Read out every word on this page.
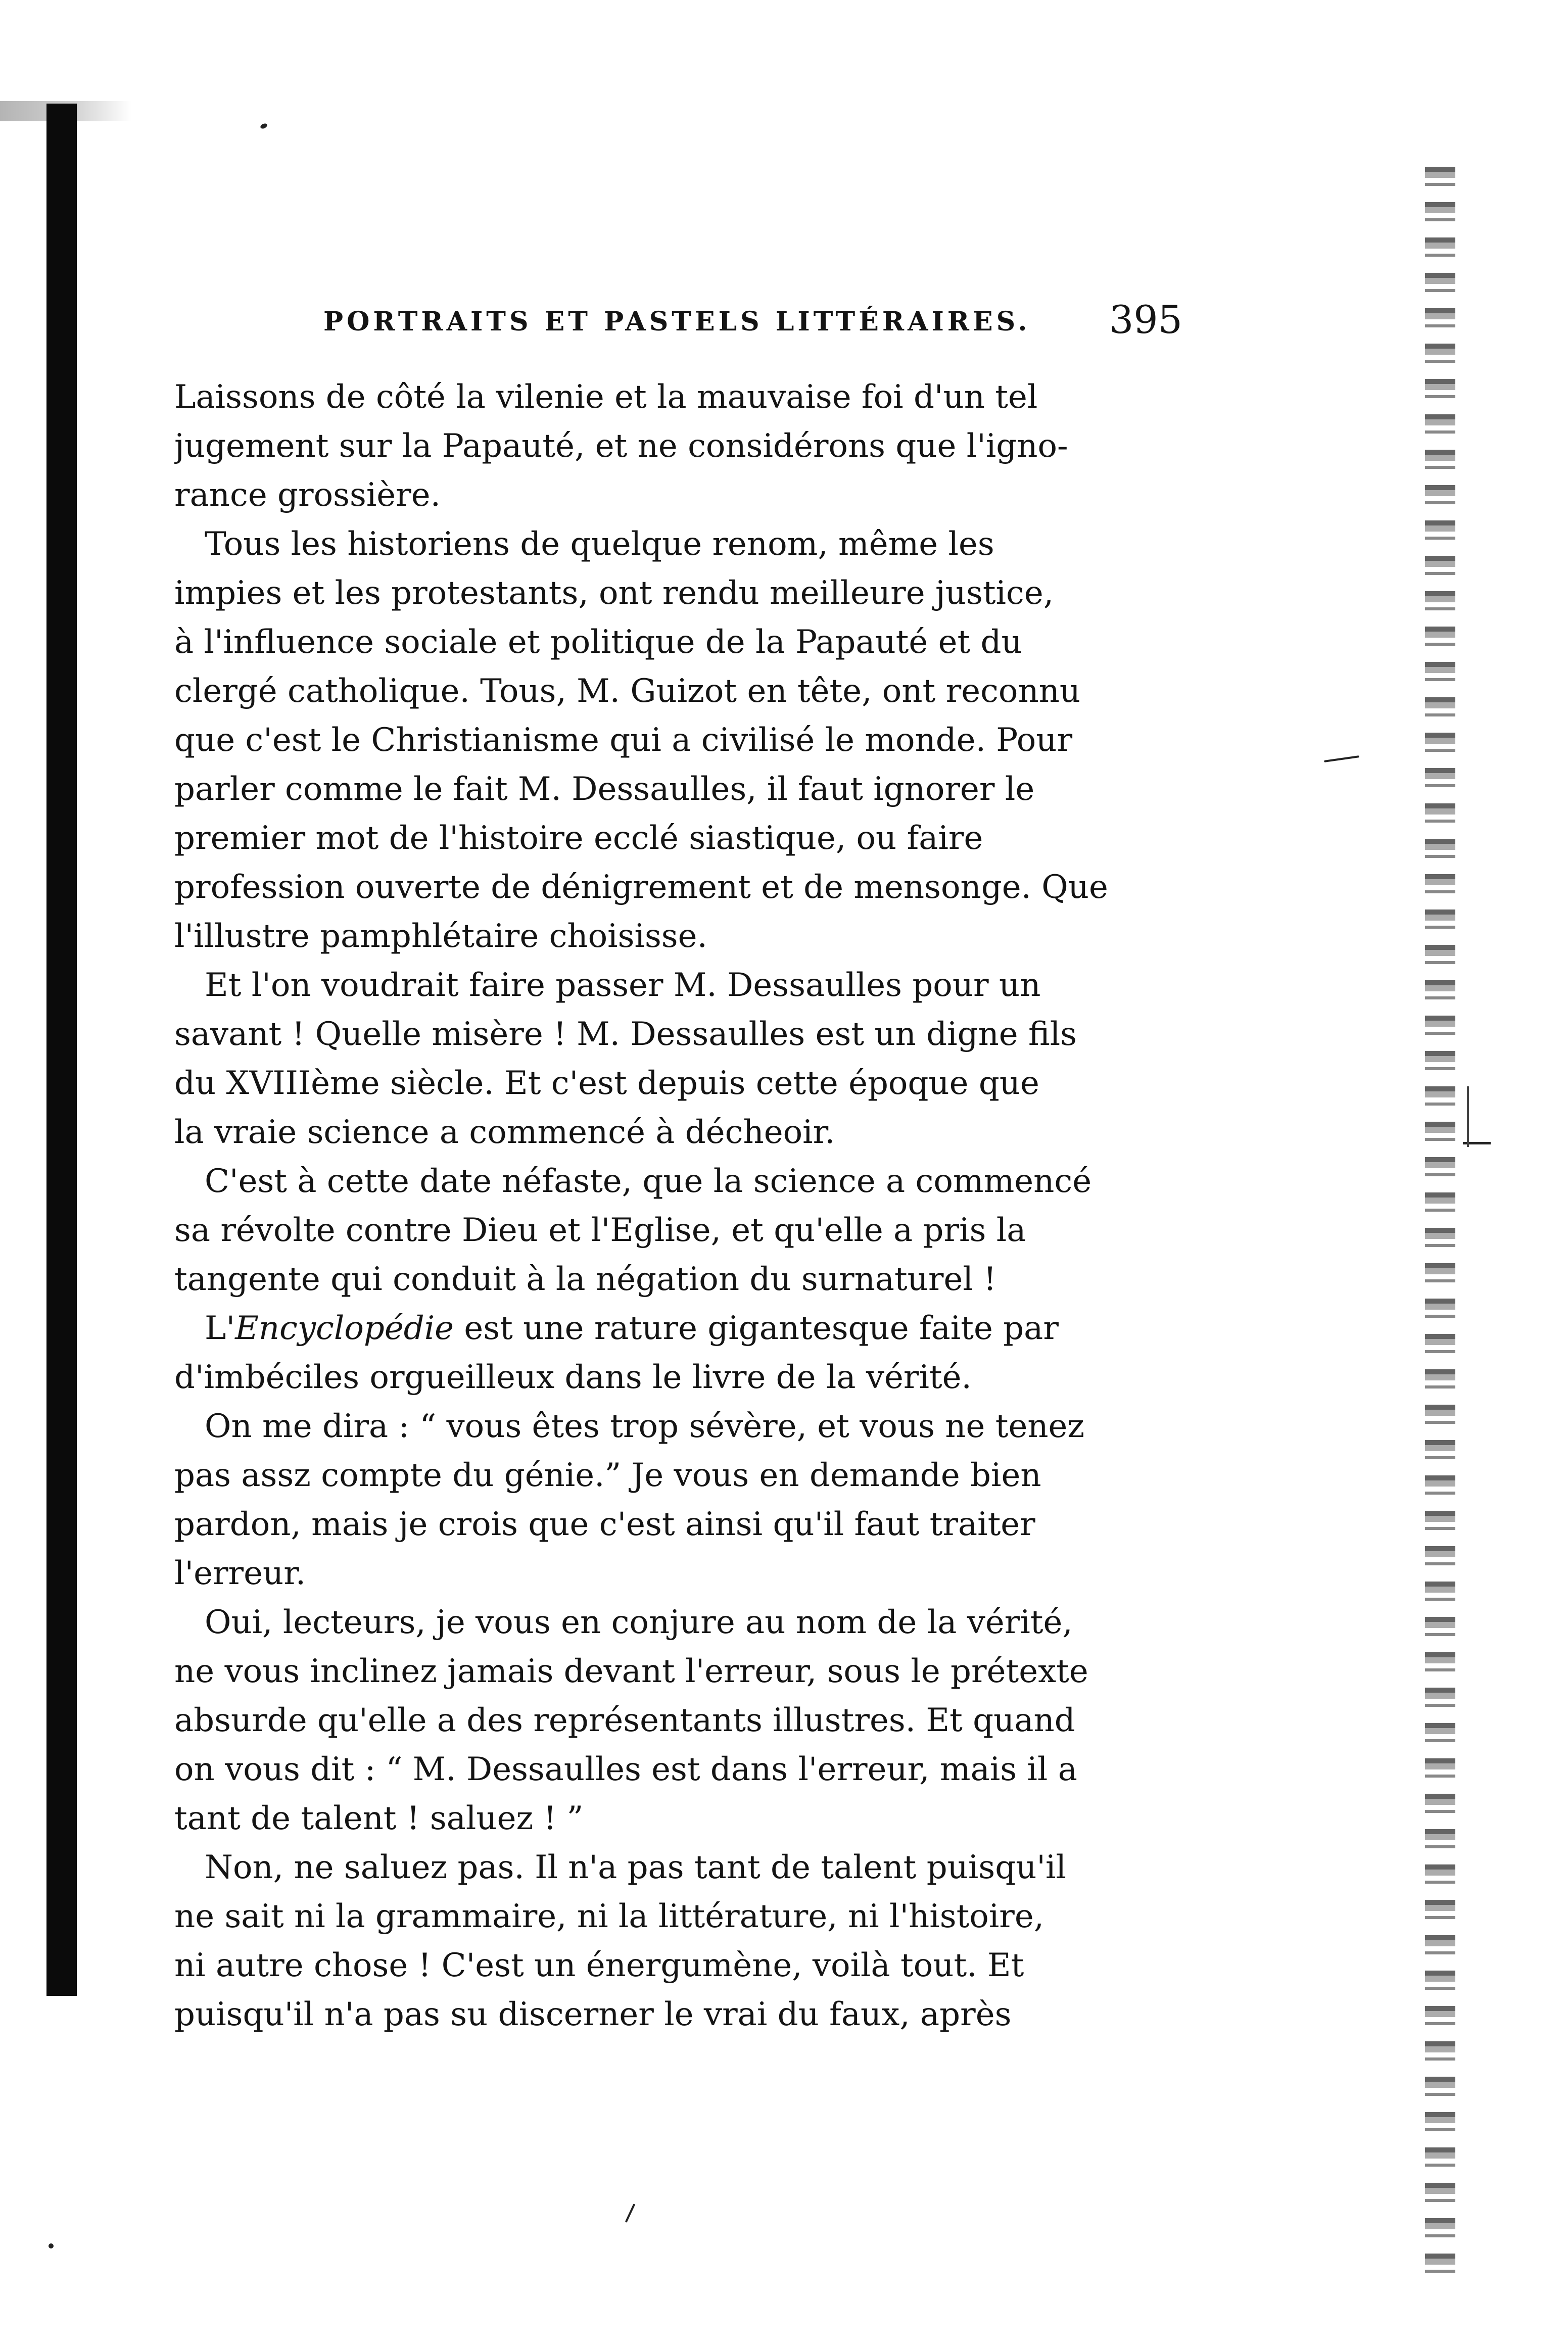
PORTRAITS ET PASTELS LITTÉRAIRES. 395
Laissons de côté la vilenie et la mauvaise foi d'un tel
jugement sur la Papauté, et ne considérons que l'igno-
rance grossière.
Tous les historiens de quelque renom, même les
impies et les protestants, ont rendu meilleure justice,
à l'influence sociale et politique de la Papauté et du
clergé catholique. Tous, M. Guizot en tête, ont reconnu
que c'est le Christianisme qui a civilisé le monde. Pour
parler comme le fait M. Dessaulles, il faut ignorer le
premier mot de l'histoire ecclé siastique, ou faire
profession ouverte de dénigrement et de mensonge. Que
l'illustre pamphlétaire choisisse.
Et l'on voudrait faire passer M. Dessaulles pour un
savant ! Quelle misère ! M. Dessaulles est un digne fils
du XVIIIème siècle. Et c'est depuis cette époque que
la vraie science a commencé à décheoir.
C'est à cette date néfaste, que la science a commencé
sa révolte contre Dieu et l'Eglise, et qu'elle a pris la
tangente qui conduit à la négation du surnaturel !
L'Encyclopédie est une rature gigantesque faite par
d'imbéciles orgueilleux dans le livre de la vérité.
On me dira : “ vous êtes trop sévère, et vous ne tenez
pas assz compte du génie.” Je vous en demande bien
pardon, mais je crois que c'est ainsi qu'il faut traiter
l'erreur.
Oui, lecteurs, je vous en conjure au nom de la vérité,
ne vous inclinez jamais devant l'erreur, sous le prétexte
absurde qu'elle a des représentants illustres. Et quand
on vous dit : “ M. Dessaulles est dans l'erreur, mais il a
tant de talent ! saluez ! ”
Non, ne saluez pas. Il n'a pas tant de talent puisqu'il
ne sait ni la grammaire, ni la littérature, ni l'histoire,
ni autre chose ! C'est un énergumène, voilà tout. Et
puisqu'il n'a pas su discerner le vrai du faux, après
